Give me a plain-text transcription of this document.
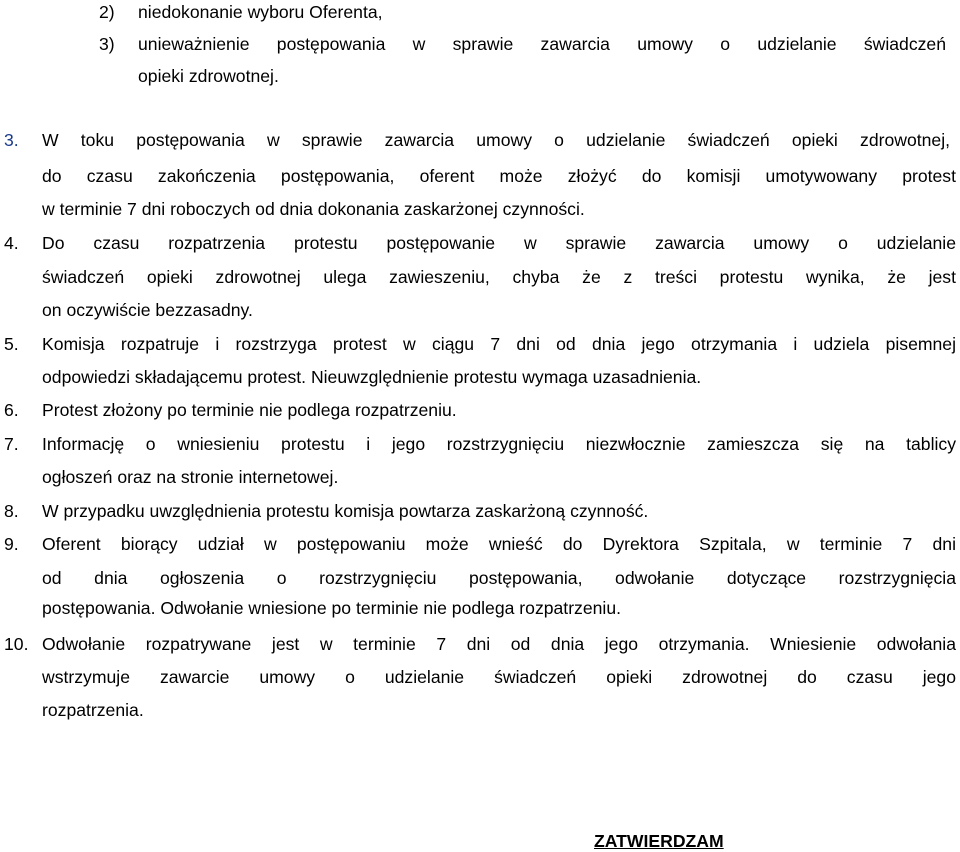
2) niedokonanie wyboru Oferenta,
3) unieważnienie postępowania w sprawie zawarcia umowy o udzielanie świadczeń
opieki zdrowotnej.
3. W toku postępowania w sprawie zawarcia umowy o udzielanie świadczeń opieki zdrowotnej,
do czasu zakończenia postępowania, oferent może złożyć do komisji umotywowany protest
w terminie 7 dni roboczych od dnia dokonania zaskarżonej czynności.
4. Do czasu rozpatrzenia protestu postępowanie w sprawie zawarcia umowy o udzielanie
świadczeń opieki zdrowotnej ulega zawieszeniu, chyba że z treści protestu wynika, że jest
on oczywiście bezzasadny.
5. Komisja rozpatruje i rozstrzyga protest w ciągu 7 dni od dnia jego otrzymania i udziela pisemnej
odpowiedzi składającemu protest. Nieuwzględnienie protestu wymaga uzasadnienia.
6. Protest złożony po terminie nie podlega rozpatrzeniu.
7. Informację o wniesieniu protestu i jego rozstrzygnięciu niezwłocznie zamieszcza się na tablicy
ogłoszeń oraz na stronie internetowej.
8. W przypadku uwzględnienia protestu komisja powtarza zaskarżoną czynność.
9. Oferent biorący udział w postępowaniu może wnieść do Dyrektora Szpitala, w terminie 7 dni
od dnia ogłoszenia o rozstrzygnięciu postępowania, odwołanie dotyczące rozstrzygnięcia
postępowania. Odwołanie wniesione po terminie nie podlega rozpatrzeniu.
10. Odwołanie rozpatrywane jest w terminie 7 dni od dnia jego otrzymania. Wniesienie odwołania
wstrzymuje zawarcie umowy o udzielanie świadczeń opieki zdrowotnej do czasu jego
rozpatrzenia.
ZATWIERDZAM
